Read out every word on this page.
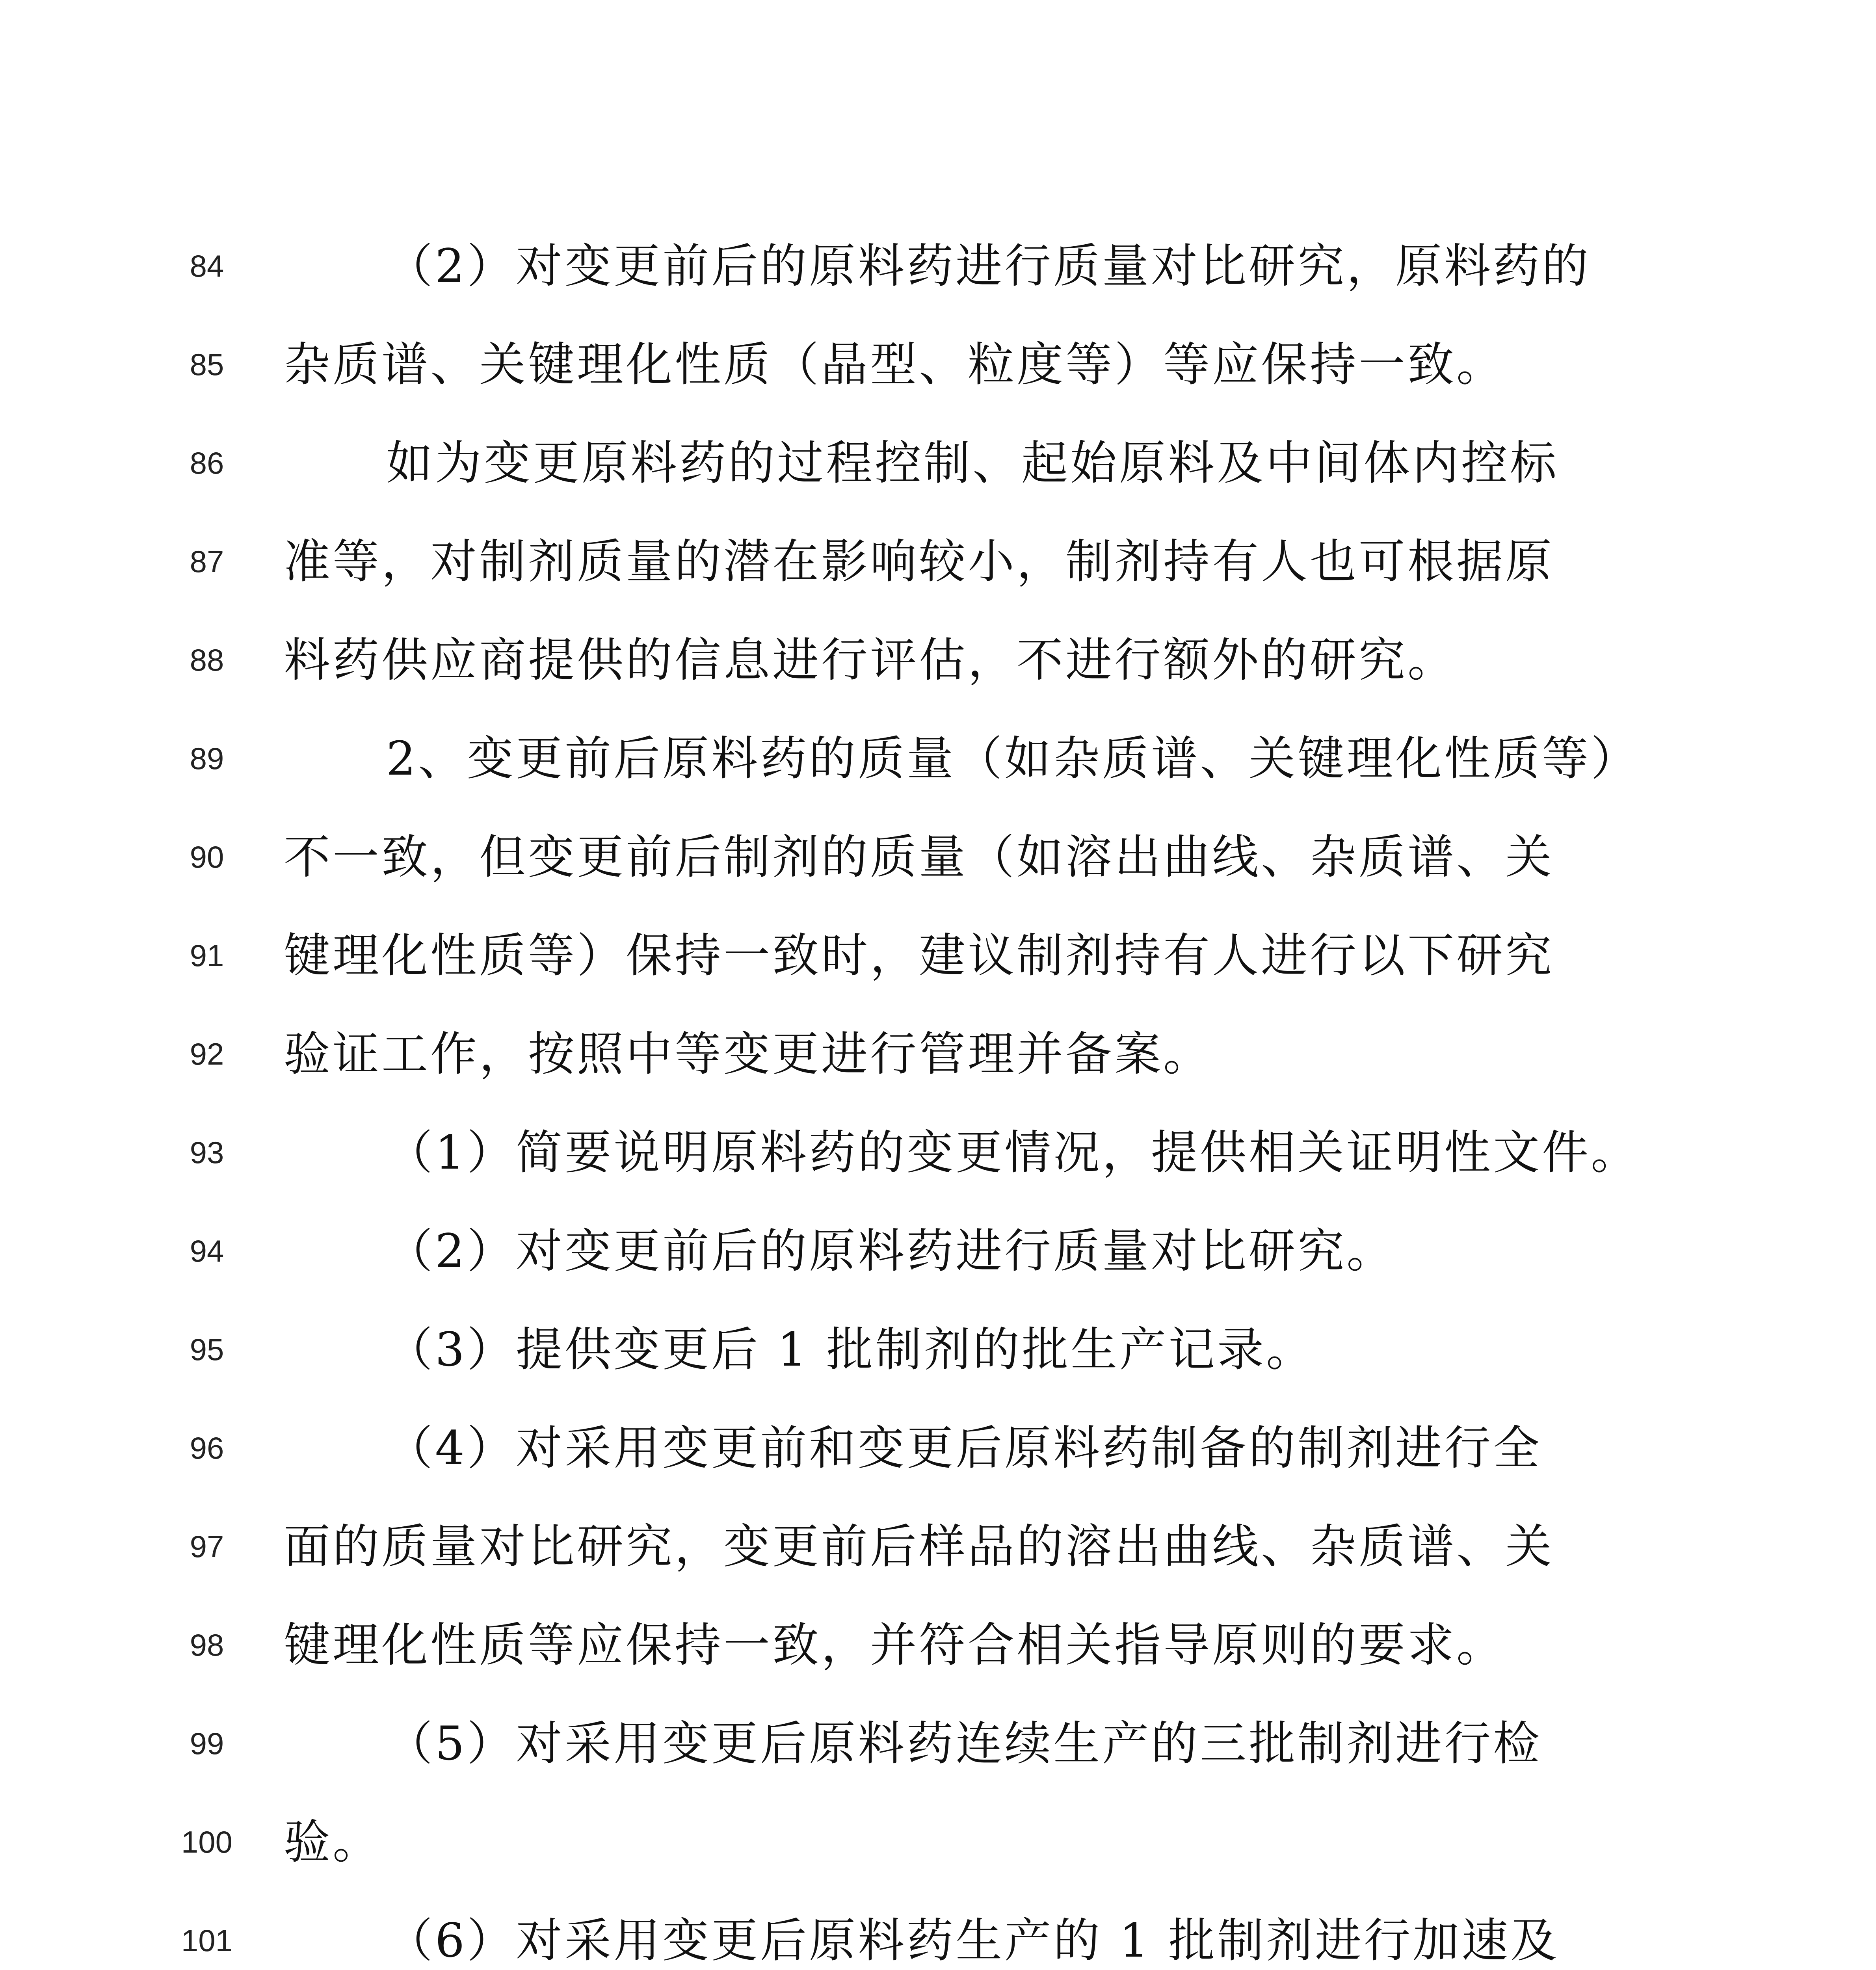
84	（2）对变更前后的原料药进行质量对比研究，原料药的
85	杂质谱、关键理化性质（晶型、粒度等）等应保持一致。
86	如为变更原料药的过程控制、起始原料及中间体内控标
87	准等，对制剂质量的潜在影响较小，制剂持有人也可根据原
88	料药供应商提供的信息进行评估，不进行额外的研究。
89	2、变更前后原料药的质量（如杂质谱、关键理化性质等）
90	不一致，但变更前后制剂的质量（如溶出曲线、杂质谱、关
91	键理化性质等）保持一致时，建议制剂持有人进行以下研究
92	验证工作，按照中等变更进行管理并备案。
93	（1）简要说明原料药的变更情况，提供相关证明性文件。
94	（2）对变更前后的原料药进行质量对比研究。
95	（3）提供变更后 1 批制剂的批生产记录。
96	（4）对采用变更前和变更后原料药制备的制剂进行全
97	面的质量对比研究，变更前后样品的溶出曲线、杂质谱、关
98	键理化性质等应保持一致，并符合相关指导原则的要求。
99	（5）对采用变更后原料药连续生产的三批制剂进行检
100	验。
101	（6）对采用变更后原料药生产的 1 批制剂进行加速及
